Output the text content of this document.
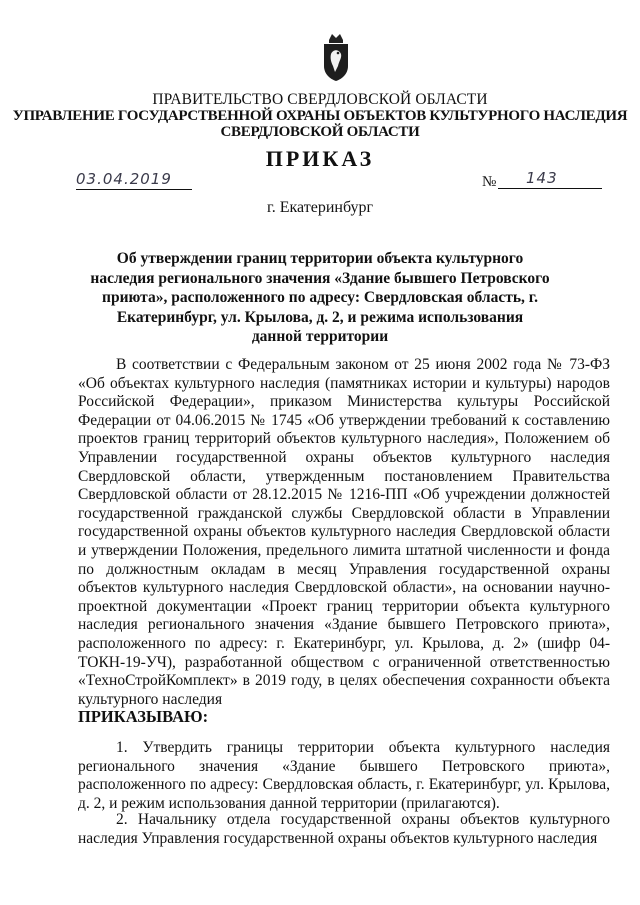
ПРАВИТЕЛЬСТВО СВЕРДЛОВСКОЙ ОБЛАСТИ
УПРАВЛЕНИЕ ГОСУДАРСТВЕННОЙ ОХРАНЫ ОБЪЕКТОВ КУЛЬТУРНОГО НАСЛЕДИЯ
СВЕРДЛОВСКОЙ ОБЛАСТИ
ПРИКАЗ
03.04.2019	№ 143
г. Екатеринбург
Об утверждении границ территории объекта культурного наследия регионального значения «Здание бывшего Петровского приюта», расположенного по адресу: Свердловская область, г. Екатеринбург, ул. Крылова, д. 2, и режима использования данной территории
В соответствии с Федеральным законом от 25 июня 2002 года № 73-ФЗ «Об объектах культурного наследия (памятниках истории и культуры) народов Российской Федерации», приказом Министерства культуры Российской Федерации от 04.06.2015 № 1745 «Об утверждении требований к составлению проектов границ территорий объектов культурного наследия», Положением об Управлении государственной охраны объектов культурного наследия Свердловской области, утвержденным постановлением Правительства Свердловской области от 28.12.2015 № 1216-ПП «Об учреждении должностей государственной гражданской службы Свердловской области в Управлении государственной охраны объектов культурного наследия Свердловской области и утверждении Положения, предельного лимита штатной численности и фонда по должностным окладам в месяц Управления государственной охраны объектов культурного наследия Свердловской области», на основании научно-проектной документации «Проект границ территории объекта культурного наследия регионального значения «Здание бывшего Петровского приюта», расположенного по адресу: г. Екатеринбург, ул. Крылова, д. 2» (шифр 04-ТОКН-19-УЧ), разработанной обществом с ограниченной ответственностью «ТехноСтройКомплект» в 2019 году, в целях обеспечения сохранности объекта культурного наследия
ПРИКАЗЫВАЮ:
1. Утвердить границы территории объекта культурного наследия регионального значения «Здание бывшего Петровского приюта», расположенного по адресу: Свердловская область, г. Екатеринбург, ул. Крылова, д. 2, и режим использования данной территории (прилагаются).
2. Начальнику отдела государственной охраны объектов культурного наследия Управления государственной охраны объектов культурного наследия
